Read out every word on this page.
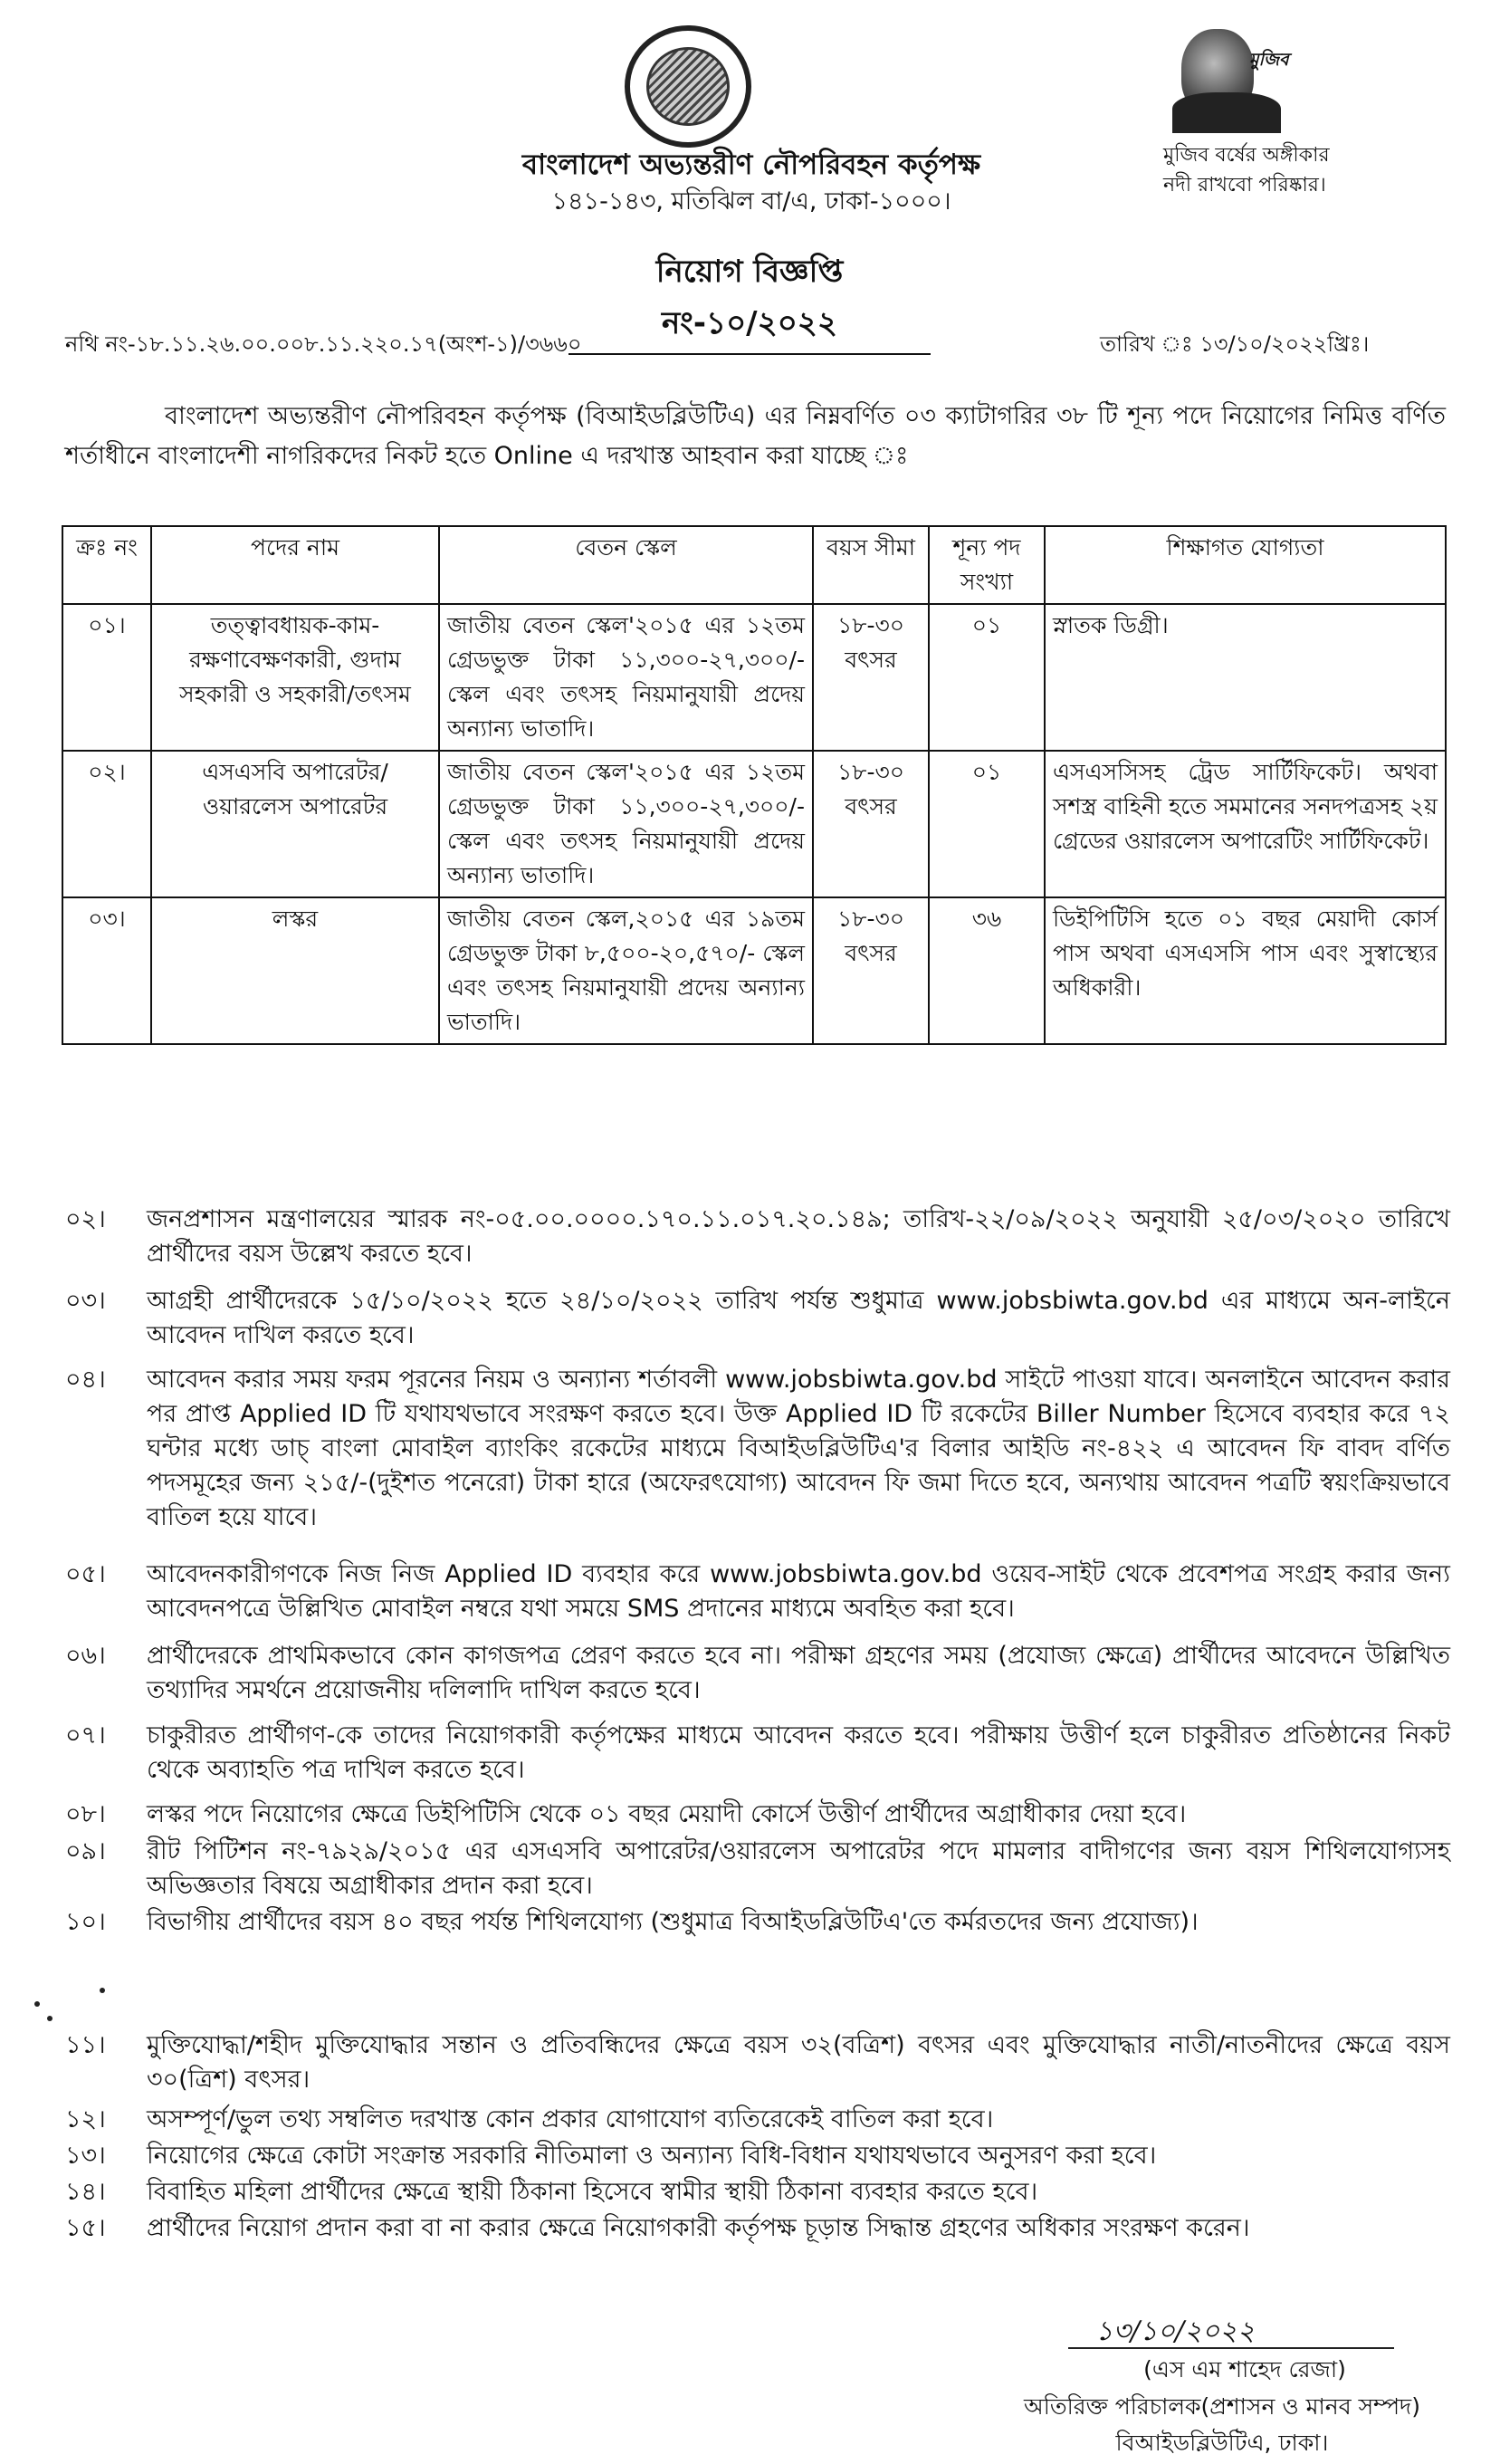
মুজিব
মুজিব বর্ষের অঙ্গীকার
নদী রাখবো পরিষ্কার।
বাংলাদেশ অভ্যন্তরীণ নৌপরিবহন কর্তৃপক্ষ
১৪১-১৪৩, মতিঝিল বা/এ, ঢাকা-১০০০।
নিয়োগ বিজ্ঞপ্তি নং-১০/২০২২
নথি নং-১৮.১১.২৬.০০.০০৮.১১.২২০.১৭(অংশ-১)/৩৬৬০	তারিখ ঃ ১৩/১০/২০২২খ্রিঃ।
বাংলাদেশ অভ্যন্তরীণ নৌপরিবহন কর্তৃপক্ষ (বিআইডব্লিউটিএ) এর নিম্নবর্ণিত ০৩ ক্যাটাগরির ৩৮ টি শূন্য পদে নিয়োগের নিমিত্ত বর্ণিত শর্তাধীনে বাংলাদেশী নাগরিকদের নিকট হতে Online এ দরখাস্ত আহবান করা যাচ্ছে ঃ
ক্রঃ নং	পদের নাম	বেতন স্কেল	বয়স সীমা	শূন্য পদ সংখ্যা	শিক্ষাগত যোগ্যতা
০১।	তত্ত্বাবধায়ক-কাম-রক্ষণাবেক্ষণকারী, গুদাম সহকারী ও সহকারী/তৎসম	জাতীয় বেতন স্কেল'২০১৫ এর ১২তম গ্রেডভুক্ত টাকা ১১,৩০০-২৭,৩০০/- স্কেল এবং তৎসহ নিয়মানুযায়ী প্রদেয় অন্যান্য ভাতাদি।	১৮-৩০ বৎসর	০১	স্নাতক ডিগ্রী।
০২।	এসএসবি অপারেটর/ ওয়ারলেস অপারেটর	জাতীয় বেতন স্কেল'২০১৫ এর ১২তম গ্রেডভুক্ত টাকা ১১,৩০০-২৭,৩০০/- স্কেল এবং তৎসহ নিয়মানুযায়ী প্রদেয় অন্যান্য ভাতাদি।	১৮-৩০ বৎসর	০১	এসএসসিসহ ট্রেড সার্টিফিকেট। অথবা সশস্ত্র বাহিনী হতে সমমানের সনদপত্রসহ ২য় গ্রেডের ওয়ারলেস অপারেটিং সার্টিফিকেট।
০৩।	লস্কর	জাতীয় বেতন স্কেল,২০১৫ এর ১৯তম গ্রেডভুক্ত টাকা ৮,৫০০-২০,৫৭০/- স্কেল এবং তৎসহ নিয়মানুযায়ী প্রদেয় অন্যান্য ভাতাদি।	১৮-৩০ বৎসর	৩৬	ডিইপিটিসি হতে ০১ বছর মেয়াদী কোর্স পাস অথবা এসএসসি পাস এবং সুস্বাস্থ্যের অধিকারী।
০২।	জনপ্রশাসন মন্ত্রণালয়ের স্মারক নং-০৫.০০.০০০০.১৭০.১১.০১৭.২০.১৪৯; তারিখ-২২/০৯/২০২২ অনুযায়ী ২৫/০৩/২০২০ তারিখে প্রার্থীদের বয়স উল্লেখ করতে হবে।
০৩।	আগ্রহী প্রার্থীদেরকে ১৫/১০/২০২২ হতে ২৪/১০/২০২২ তারিখ পর্যন্ত শুধুমাত্র www.jobsbiwta.gov.bd এর মাধ্যমে অন-লাইনে আবেদন দাখিল করতে হবে।
০৪।	আবেদন করার সময় ফরম পূরনের নিয়ম ও অন্যান্য শর্তাবলী www.jobsbiwta.gov.bd সাইটে পাওয়া যাবে। অনলাইনে আবেদন করার পর প্রাপ্ত Applied ID টি যথাযথভাবে সংরক্ষণ করতে হবে। উক্ত Applied ID টি রকেটের Biller Number হিসেবে ব্যবহার করে ৭২ ঘন্টার মধ্যে ডাচ্ বাংলা মোবাইল ব্যাংকিং রকেটের মাধ্যমে বিআইডব্লিউটিএ'র বিলার আইডি নং-৪২২ এ আবেদন ফি বাবদ বর্ণিত পদসমূহের জন্য ২১৫/-(দুইশত পনেরো) টাকা হারে (অফেরৎযোগ্য) আবেদন ফি জমা দিতে হবে, অন্যথায় আবেদন পত্রটি স্বয়ংক্রিয়ভাবে বাতিল হয়ে যাবে।
০৫।	আবেদনকারীগণকে নিজ নিজ Applied ID ব্যবহার করে www.jobsbiwta.gov.bd ওয়েব-সাইট থেকে প্রবেশপত্র সংগ্রহ করার জন্য আবেদনপত্রে উল্লিখিত মোবাইল নম্বরে যথা সময়ে SMS প্রদানের মাধ্যমে অবহিত করা হবে।
০৬।	প্রার্থীদেরকে প্রাথমিকভাবে কোন কাগজপত্র প্রেরণ করতে হবে না। পরীক্ষা গ্রহণের সময় (প্রযোজ্য ক্ষেত্রে) প্রার্থীদের আবেদনে উল্লিখিত তথ্যাদির সমর্থনে প্রয়োজনীয় দলিলাদি দাখিল করতে হবে।
০৭।	চাকুরীরত প্রার্থীগণ-কে তাদের নিয়োগকারী কর্তৃপক্ষের মাধ্যমে আবেদন করতে হবে। পরীক্ষায় উত্তীর্ণ হলে চাকুরীরত প্রতিষ্ঠানের নিকট থেকে অব্যাহতি পত্র দাখিল করতে হবে।
০৮।	লস্কর পদে নিয়োগের ক্ষেত্রে ডিইপিটিসি থেকে ০১ বছর মেয়াদী কোর্সে উত্তীর্ণ প্রার্থীদের অগ্রাধীকার দেয়া হবে।
০৯।	রীট পিটিশন নং-৭৯২৯/২০১৫ এর এসএসবি অপারেটর/ওয়ারলেস অপারেটর পদে মামলার বাদীগণের জন্য বয়স শিথিলযোগ্যসহ অভিজ্ঞতার বিষয়ে অগ্রাধীকার প্রদান করা হবে।
১০।	বিভাগীয় প্রার্থীদের বয়স ৪০ বছর পর্যন্ত শিথিলযোগ্য (শুধুমাত্র বিআইডব্লিউটিএ'তে কর্মরতদের জন্য প্রযোজ্য)।
১১।	মুক্তিযোদ্ধা/শহীদ মুক্তিযোদ্ধার সন্তান ও প্রতিবন্ধিদের ক্ষেত্রে বয়স ৩২(বত্রিশ) বৎসর এবং মুক্তিযোদ্ধার নাতী/নাতনীদের ক্ষেত্রে বয়স ৩০(ত্রিশ) বৎসর।
১২।	অসম্পূর্ণ/ভুল তথ্য সম্বলিত দরখাস্ত কোন প্রকার যোগাযোগ ব্যতিরেকেই বাতিল করা হবে।
১৩।	নিয়োগের ক্ষেত্রে কোটা সংক্রান্ত সরকারি নীতিমালা ও অন্যান্য বিধি-বিধান যথাযথভাবে অনুসরণ করা হবে।
১৪।	বিবাহিত মহিলা প্রার্থীদের ক্ষেত্রে স্থায়ী ঠিকানা হিসেবে স্বামীর স্থায়ী ঠিকানা ব্যবহার করতে হবে।
১৫।	প্রার্থীদের নিয়োগ প্রদান করা বা না করার ক্ষেত্রে নিয়োগকারী কর্তৃপক্ষ চূড়ান্ত সিদ্ধান্ত গ্রহণের অধিকার সংরক্ষণ করেন।
১৩/১০/২০২২
(এস এম শাহেদ রেজা)
অতিরিক্ত পরিচালক(প্রশাসন ও মানব সম্পদ)
বিআইডব্লিউটিএ, ঢাকা।
